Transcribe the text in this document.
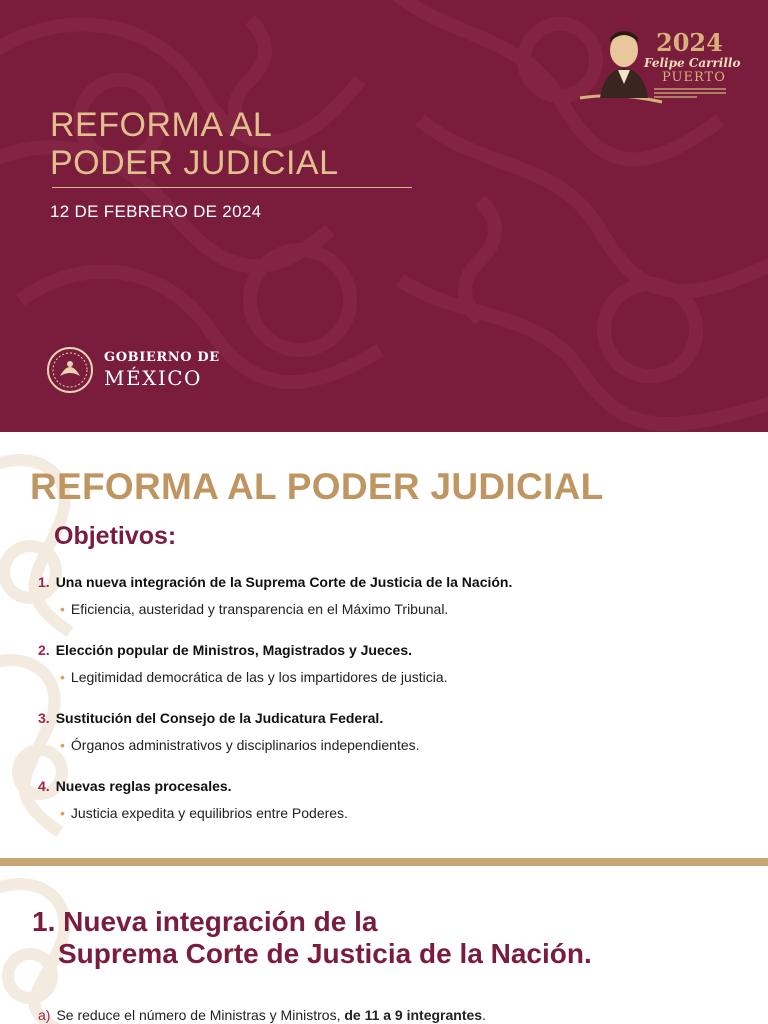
2024
Felipe Carrillo
PUERTO
REFORMA AL
PODER JUDICIAL
12 DE FEBRERO DE 2024
GOBIERNO DE
MÉXICO
REFORMA AL PODER JUDICIAL
Objetivos:
1. Una nueva integración de la Suprema Corte de Justicia de la Nación.
• Eficiencia, austeridad y transparencia en el Máximo Tribunal.
2. Elección popular de Ministros, Magistrados y Jueces.
• Legitimidad democrática de las y los impartidores de justicia.
3. Sustitución del Consejo de la Judicatura Federal.
• Órganos administrativos y disciplinarios independientes.
4. Nuevas reglas procesales.
• Justicia expedita y equilibrios entre Poderes.
1. Nueva integración de la
Suprema Corte de Justicia de la Nación.
a) Se reduce el número de Ministras y Ministros, de 11 a 9 integrantes.
